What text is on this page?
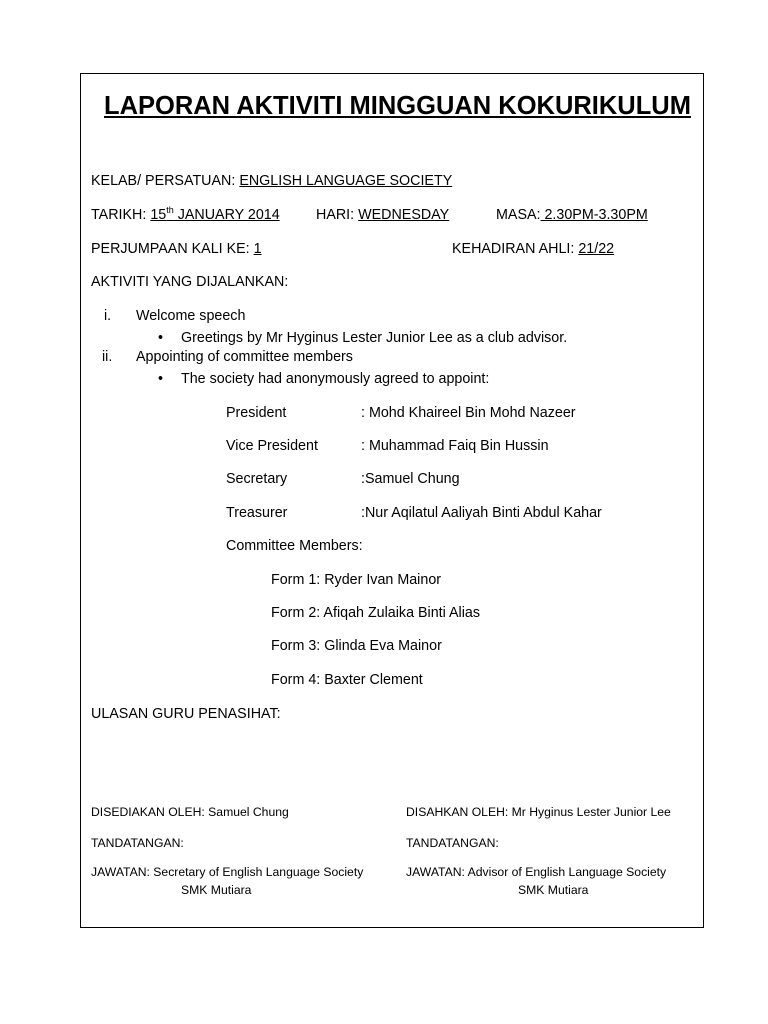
LAPORAN AKTIVITI MINGGUAN KOKURIKULUM
KELAB/ PERSATUAN: ENGLISH LANGUAGE SOCIETY
TARIKH: 15th JANUARY 2014	HARI: WEDNESDAY	MASA: 2.30PM-3.30PM
PERJUMPAAN KALI KE: 1	KEHADIRAN AHLI: 21/22
AKTIVITI YANG DIJALANKAN:
i. Welcome speech
• Greetings by Mr Hyginus Lester Junior Lee as a club advisor.
ii. Appointing of committee members
• The society had anonymously agreed to appoint:
President	: Mohd Khaireel Bin Mohd Nazeer
Vice President	: Muhammad Faiq Bin Hussin
Secretary	:Samuel Chung
Treasurer	:Nur Aqilatul Aaliyah Binti Abdul Kahar
Committee Members:
Form 1: Ryder Ivan Mainor
Form 2: Afiqah Zulaika Binti Alias
Form 3: Glinda Eva Mainor
Form 4: Baxter Clement
ULASAN GURU PENASIHAT:
DISEDIAKAN OLEH: Samuel Chung	DISAHKAN OLEH: Mr Hyginus Lester Junior Lee
TANDATANGAN:	TANDATANGAN:
JAWATAN: Secretary of English Language Society	JAWATAN: Advisor of English Language Society
SMK Mutiara	SMK Mutiara
